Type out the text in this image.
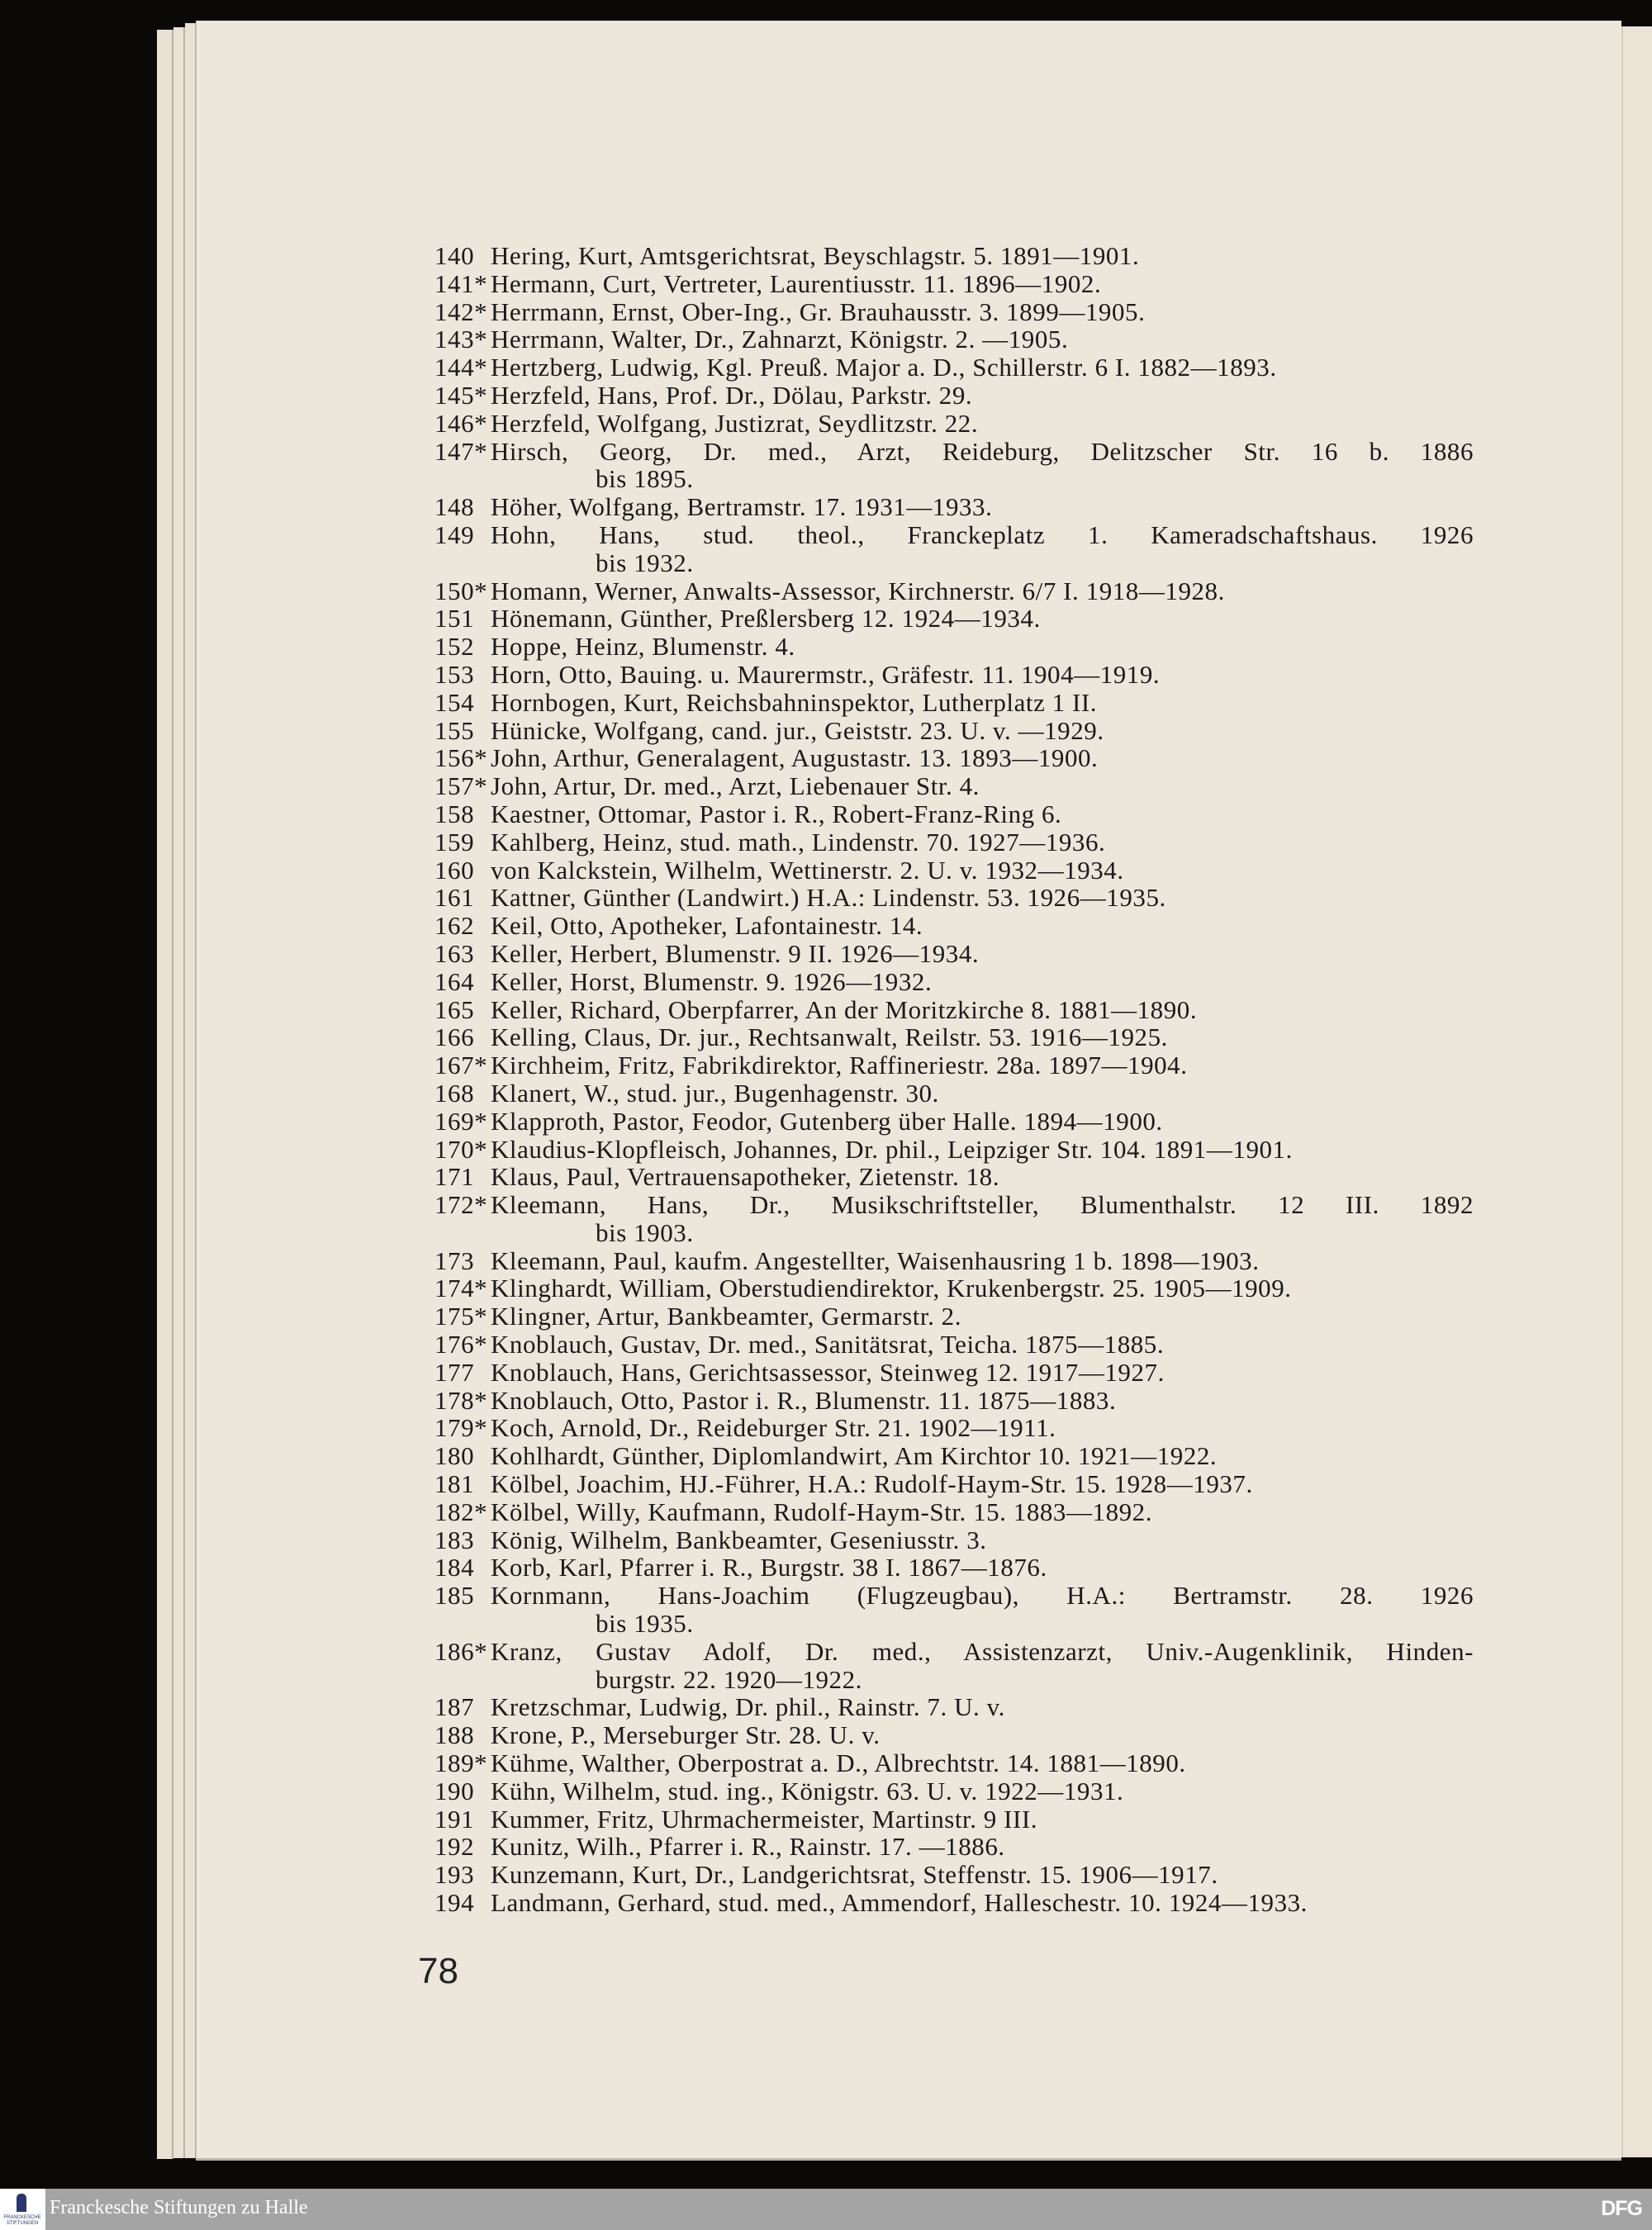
140 Hering, Kurt, Amtsgerichtsrat, Beyschlagstr. 5. 1891—1901.
141* Hermann, Curt, Vertreter, Laurentiusstr. 11. 1896—1902.
142* Herrmann, Ernst, Ober-Ing., Gr. Brauhausstr. 3. 1899—1905.
143* Herrmann, Walter, Dr., Zahnarzt, Königstr. 2. —1905.
144* Hertzberg, Ludwig, Kgl. Preuß. Major a. D., Schillerstr. 6 I. 1882—1893.
145* Herzfeld, Hans, Prof. Dr., Dölau, Parkstr. 29.
146* Herzfeld, Wolfgang, Justizrat, Seydlitzstr. 22.
147* Hirsch, Georg, Dr. med., Arzt, Reideburg, Delitzscher Str. 16 b. 1886
bis 1895.
148 Höher, Wolfgang, Bertramstr. 17. 1931—1933.
149 Hohn, Hans, stud. theol., Franckeplatz 1. Kameradschaftshaus. 1926
bis 1932.
150* Homann, Werner, Anwalts-Assessor, Kirchnerstr. 6/7 I. 1918—1928.
151 Hönemann, Günther, Preßlersberg 12. 1924—1934.
152 Hoppe, Heinz, Blumenstr. 4.
153 Horn, Otto, Bauing. u. Maurermstr., Gräfestr. 11. 1904—1919.
154 Hornbogen, Kurt, Reichsbahninspektor, Lutherplatz 1 II.
155 Hünicke, Wolfgang, cand. jur., Geiststr. 23. U. v. —1929.
156* John, Arthur, Generalagent, Augustastr. 13. 1893—1900.
157* John, Artur, Dr. med., Arzt, Liebenauer Str. 4.
158 Kaestner, Ottomar, Pastor i. R., Robert-Franz-Ring 6.
159 Kahlberg, Heinz, stud. math., Lindenstr. 70. 1927—1936.
160 von Kalckstein, Wilhelm, Wettinerstr. 2. U. v. 1932—1934.
161 Kattner, Günther (Landwirt.) H.A.: Lindenstr. 53. 1926—1935.
162 Keil, Otto, Apotheker, Lafontainestr. 14.
163 Keller, Herbert, Blumenstr. 9 II. 1926—1934.
164 Keller, Horst, Blumenstr. 9. 1926—1932.
165 Keller, Richard, Oberpfarrer, An der Moritzkirche 8. 1881—1890.
166 Kelling, Claus, Dr. jur., Rechtsanwalt, Reilstr. 53. 1916—1925.
167* Kirchheim, Fritz, Fabrikdirektor, Raffineriestr. 28a. 1897—1904.
168 Klanert, W., stud. jur., Bugenhagenstr. 30.
169* Klapproth, Pastor, Feodor, Gutenberg über Halle. 1894—1900.
170* Klaudius-Klopfleisch, Johannes, Dr. phil., Leipziger Str. 104. 1891—1901.
171 Klaus, Paul, Vertrauensapotheker, Zietenstr. 18.
172* Kleemann, Hans, Dr., Musikschriftsteller, Blumenthalstr. 12 III. 1892
bis 1903.
173 Kleemann, Paul, kaufm. Angestellter, Waisenhausring 1 b. 1898—1903.
174* Klinghardt, William, Oberstudiendirektor, Krukenbergstr. 25. 1905—1909.
175* Klingner, Artur, Bankbeamter, Germarstr. 2.
176* Knoblauch, Gustav, Dr. med., Sanitätsrat, Teicha. 1875—1885.
177 Knoblauch, Hans, Gerichtsassessor, Steinweg 12. 1917—1927.
178* Knoblauch, Otto, Pastor i. R., Blumenstr. 11. 1875—1883.
179* Koch, Arnold, Dr., Reideburger Str. 21. 1902—1911.
180 Kohlhardt, Günther, Diplomlandwirt, Am Kirchtor 10. 1921—1922.
181 Kölbel, Joachim, HJ.-Führer, H.A.: Rudolf-Haym-Str. 15. 1928—1937.
182* Kölbel, Willy, Kaufmann, Rudolf-Haym-Str. 15. 1883—1892.
183 König, Wilhelm, Bankbeamter, Geseniusstr. 3.
184 Korb, Karl, Pfarrer i. R., Burgstr. 38 I. 1867—1876.
185 Kornmann, Hans-Joachim (Flugzeugbau), H.A.: Bertramstr. 28. 1926
bis 1935.
186* Kranz, Gustav Adolf, Dr. med., Assistenzarzt, Univ.-Augenklinik, Hinden-
burgstr. 22. 1920—1922.
187 Kretzschmar, Ludwig, Dr. phil., Rainstr. 7. U. v.
188 Krone, P., Merseburger Str. 28. U. v.
189* Kühme, Walther, Oberpostrat a. D., Albrechtstr. 14. 1881—1890.
190 Kühn, Wilhelm, stud. ing., Königstr. 63. U. v. 1922—1931.
191 Kummer, Fritz, Uhrmachermeister, Martinstr. 9 III.
192 Kunitz, Wilh., Pfarrer i. R., Rainstr. 17. —1886.
193 Kunzemann, Kurt, Dr., Landgerichtsrat, Steffenstr. 15. 1906—1917.
194 Landmann, Gerhard, stud. med., Ammendorf, Halleschestr. 10. 1924—1933.
78
FRANCKESCHE STIFTUNGEN
Franckesche Stiftungen zu Halle	DFG
